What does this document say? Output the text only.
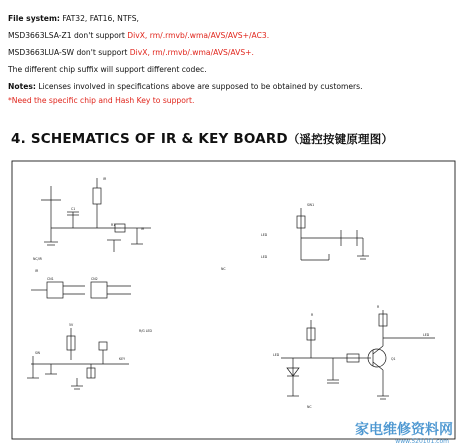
File system: FAT32, FAT16, NTFS,
MSD3663LSA-Z1 don't support DivX, rm/.rmvb/.wma/AVS/AVS+/AC3.
MSD3663LUA-SW don't support DivX, rm/.rmvb/.wma/AVS/AVS+.
The different chip suffix will support different codec.
Notes: Licenses involved in specifications above are supposed to be obtained by customers.
*Need the specific chip and Hash Key to support.
4. SCHEMATICS OF IR & KEY BOARD（遥控按键原理图）
IR
NC/IR
IR
R1
C1
IR
CN1	CN2
5V
KEY
SW
R/G LED
SW1
LED
LED
NC
R
R
LED
Q1
LED
NC
家电维修资料网
www.520101.com
